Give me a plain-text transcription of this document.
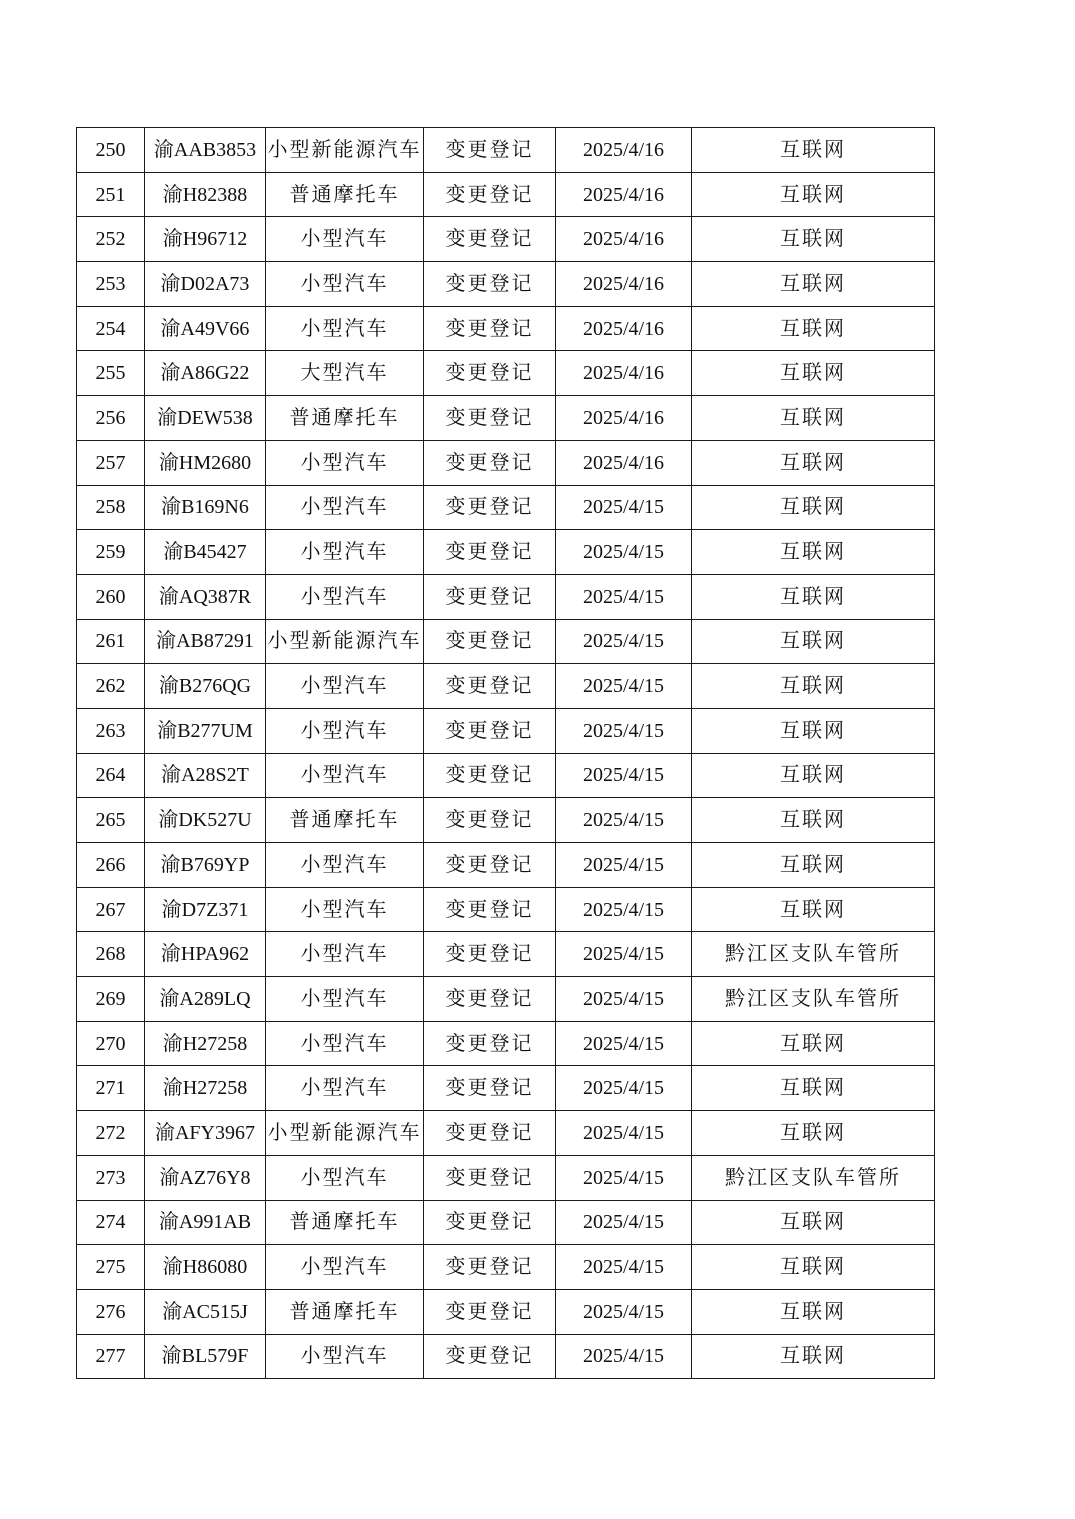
250	渝AAB3853	小型新能源汽车	变更登记	2025/4/16	互联网
251	渝H82388	普通摩托车	变更登记	2025/4/16	互联网
252	渝H96712	小型汽车	变更登记	2025/4/16	互联网
253	渝D02A73	小型汽车	变更登记	2025/4/16	互联网
254	渝A49V66	小型汽车	变更登记	2025/4/16	互联网
255	渝A86G22	大型汽车	变更登记	2025/4/16	互联网
256	渝DEW538	普通摩托车	变更登记	2025/4/16	互联网
257	渝HM2680	小型汽车	变更登记	2025/4/16	互联网
258	渝B169N6	小型汽车	变更登记	2025/4/15	互联网
259	渝B45427	小型汽车	变更登记	2025/4/15	互联网
260	渝AQ387R	小型汽车	变更登记	2025/4/15	互联网
261	渝AB87291	小型新能源汽车	变更登记	2025/4/15	互联网
262	渝B276QG	小型汽车	变更登记	2025/4/15	互联网
263	渝B277UM	小型汽车	变更登记	2025/4/15	互联网
264	渝A28S2T	小型汽车	变更登记	2025/4/15	互联网
265	渝DK527U	普通摩托车	变更登记	2025/4/15	互联网
266	渝B769YP	小型汽车	变更登记	2025/4/15	互联网
267	渝D7Z371	小型汽车	变更登记	2025/4/15	互联网
268	渝HPA962	小型汽车	变更登记	2025/4/15	黔江区支队车管所
269	渝A289LQ	小型汽车	变更登记	2025/4/15	黔江区支队车管所
270	渝H27258	小型汽车	变更登记	2025/4/15	互联网
271	渝H27258	小型汽车	变更登记	2025/4/15	互联网
272	渝AFY3967	小型新能源汽车	变更登记	2025/4/15	互联网
273	渝AZ76Y8	小型汽车	变更登记	2025/4/15	黔江区支队车管所
274	渝A991AB	普通摩托车	变更登记	2025/4/15	互联网
275	渝H86080	小型汽车	变更登记	2025/4/15	互联网
276	渝AC515J	普通摩托车	变更登记	2025/4/15	互联网
277	渝BL579F	小型汽车	变更登记	2025/4/15	互联网
